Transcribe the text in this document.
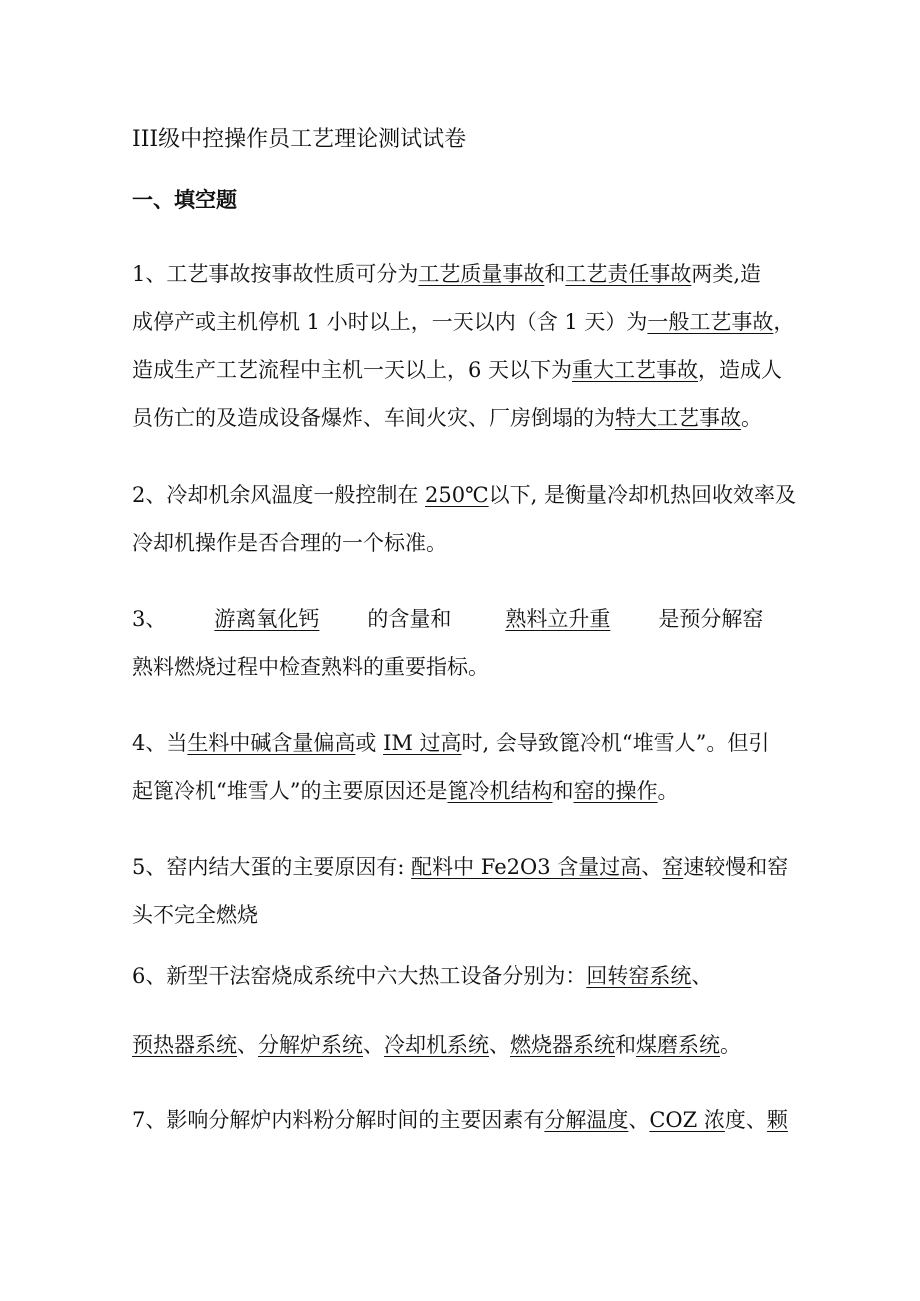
III级中控操作员工艺理论测试试卷
一、填空题
1、工艺事故按事故性质可分为工艺质量事故和工艺责任事故两类,造
成停产或主机停机 1 小时以上，一天以内（含 1 天）为一般工艺事故，
造成生产工艺流程中主机一天以上，6 天以下为重大工艺事故，造成人
员伤亡的及造成设备爆炸、车间火灾、厂房倒塌的为特大工艺事故。
2、冷却机余风温度一般控制在 250℃以下, 是衡量冷却机热回收效率及
冷却机操作是否合理的一个标准。
3、 游离氧化钙 的含量和	熟料立升重 是预分解窑
熟料燃烧过程中检查熟料的重要指标。
4、当生料中碱含量偏高或 IM 过高时, 会导致篦冷机“堆雪人”。但引
起篦冷机“堆雪人”的主要原因还是篦冷机结构和窑的操作。
5、窑内结大蛋的主要原因有: 配料中 Fe2O3 含量过高、窑速较慢和窑
头不完全燃烧
6、新型干法窑烧成系统中六大热工设备分别为：回转窑系统、
预热器系统、分解炉系统、冷却机系统、燃烧器系统和煤磨系统。
7、影响分解炉内料粉分解时间的主要因素有分解温度、COZ 浓度、颗
